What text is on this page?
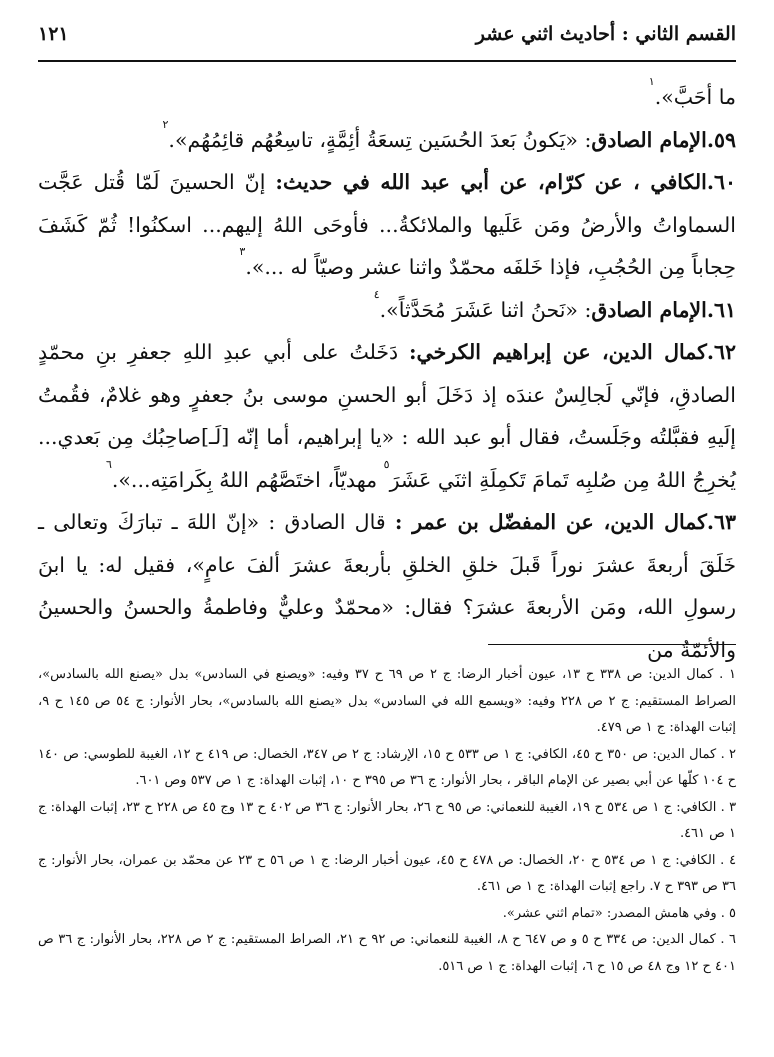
القسم الثاني : أحاديث اثني عشر
١٢١

ما أحَبَّ».$^١$

٥٩.الإمام الصادق: «يَكونُ بَعدَ الحُسَين تِسعَةُ أئِمَّةٍ، تاسِعُهُم قائِمُهُم».$^٢$

٦٠.الكافي ، عن كرّام، عن أبي عبد الله في حديث: إنّ الحسينَ لَمّا قُتل عَجَّت السماواتُ والأرضُ ومَن عَلَيها والملائكةُ... فأوحَى اللهُ إليهم... اسكنُوا! ثُمّ كَشَفَ حِجاباً مِن الحُجُبِ، فإذا خَلفَه محمّدٌ واثنا عشر وصيّاً له ...».$^٣$

٦١.الإمام الصادق: «نَحنُ اثنا عَشَرَ مُحَدَّثاً».$^٤$

٦٢.كمال الدين، عن إبراهيم الكرخي: دَخَلتُ على أبي عبدِ اللهِ جعفرِ بنِ محمّدٍ الصادقِ، فإنّي لَجالِسٌ عندَه إذ دَخَلَ أبو الحسنِ موسى بنُ جعفرٍ وهو غلامٌ، فقُمتُ إلَيهِ فقبَّلتُه وجَلَستُ، فقال أبو عبد الله : «يا إبراهيم، أما إنّه [لَـ]صاحِبُك مِن بَعدي... يُخرِجُ اللهُ مِن صُلبِه تَمامَ تَكمِلَةِ اثنَي عَشَرَ$^٥$ مهديّاً، اختَصَّهُم اللهُ بِكَرامَتِه...».$^٦$

٦٣.كمال الدين، عن المفضّل بن عمر : قال الصادق : «إنّ اللهَ ـ تبارَكَ وتعالى ـ خَلَقَ أربعةَ عشرَ نوراً قَبلَ خلقِ الخلقِ بأربعةَ عشرَ ألفَ عامٍ»، فقيل له: يا ابنَ رسولِ الله، ومَن الأربعةَ عشرَ؟ فقال: «محمّدٌ وعليٌّ وفاطمةُ والحسنُ والحسينُ والأئمّةُ من

١ . كمال الدين: ص ٣٣٨ ح ١٣، عيون أخبار الرضا: ج ٢ ص ٦٩ ح ٣٧ وفيه: «ويصنع في السادس» بدل «يصنع الله بالسادس»، الصراط المستقيم: ج ٢ ص ٢٢٨ وفيه: «ويسمع الله في السادس» بدل «يصنع الله بالسادس»، بحار الأنوار: ج ٥٤ ص ١٤٥ ح ٩، إثبات الهداة: ج ١ ص ٤٧٩.

٢ . كمال الدين: ص ٣٥٠ ح ٤٥، الكافي: ج ١ ص ٥٣٣ ح ١٥، الإرشاد: ج ٢ ص ٣٤٧، الخصال: ص ٤١٩ ح ١٢، الغيبة للطوسي: ص ١٤٠ ح ١٠٤ كلّها عن أبي بصير عن الإمام الباقر ، بحار الأنوار: ج ٣٦ ص ٣٩٥ ح ١٠، إثبات الهداة: ج ١ ص ٥٣٧ وص ٦٠١.

٣ . الكافي: ج ١ ص ٥٣٤ ح ١٩، الغيبة للنعماني: ص ٩٥ ح ٢٦، بحار الأنوار: ج ٣٦ ص ٤٠٢ ح ١٣ وج ٤٥ ص ٢٢٨ ح ٢٣، إثبات الهداة: ج ١ ص ٤٦١.

٤ . الكافي: ج ١ ص ٥٣٤ ح ٢٠، الخصال: ص ٤٧٨ ح ٤٥، عيون أخبار الرضا: ج ١ ص ٥٦ ح ٢٣ عن محمّد بن عمران، بحار الأنوار: ج ٣٦ ص ٣٩٣ ح ٧. راجع إثبات الهداة: ج ١ ص ٤٦١.

٥ . وفي هامش المصدر: «تمام اثني عشر».

٦ . كمال الدين: ص ٣٣٤ ح ٥ و ص ٦٤٧ ح ٨، الغيبة للنعماني: ص ٩٢ ح ٢١، الصراط المستقيم: ج ٢ ص ٢٢٨، بحار الأنوار: ج ٣٦ ص ٤٠١ ح ١٢ وج ٤٨ ص ١٥ ح ٦، إثبات الهداة: ج ١ ص ٥١٦.
